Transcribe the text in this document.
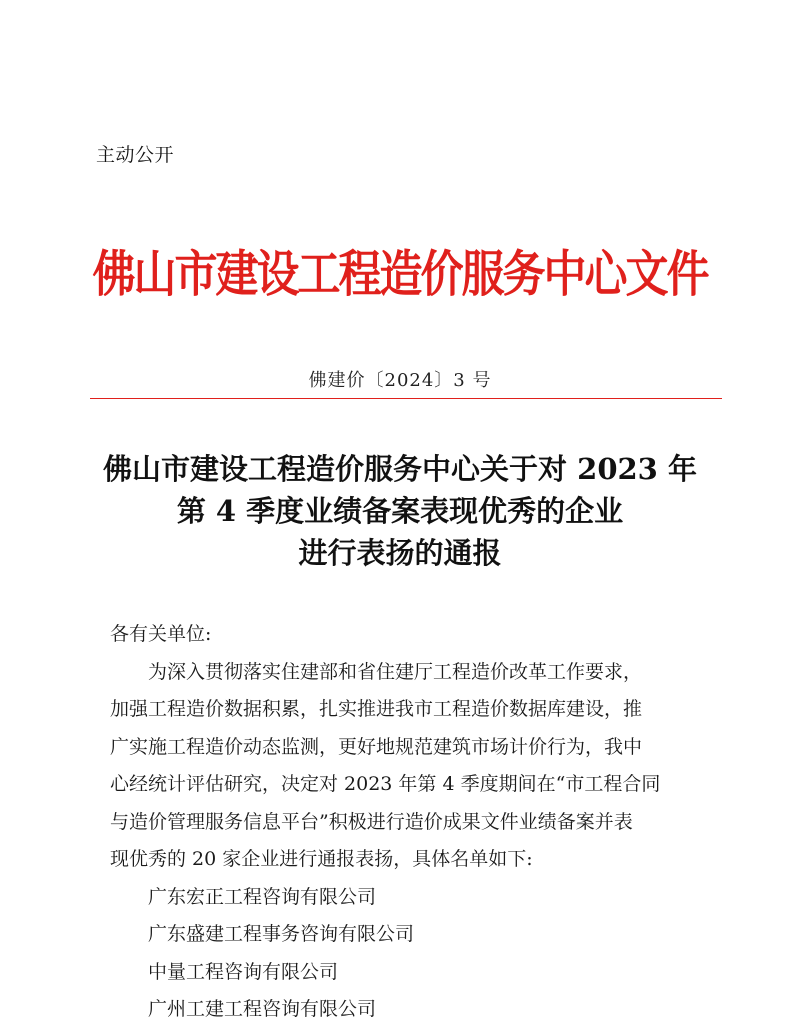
主动公开
佛山市建设工程造价服务中心文件
佛建价〔2024〕3 号
佛山市建设工程造价服务中心关于对 2023 年
第 4 季度业绩备案表现优秀的企业
进行表扬的通报
各有关单位:
为深入贯彻落实住建部和省住建厅工程造价改革工作要求，
加强工程造价数据积累，扎实推进我市工程造价数据库建设，推
广实施工程造价动态监测，更好地规范建筑市场计价行为，我中
心经统计评估研究，决定对 2023 年第 4 季度期间在“市工程合同
与造价管理服务信息平台”积极进行造价成果文件业绩备案并表
现优秀的 20 家企业进行通报表扬，具体名单如下:
广东宏正工程咨询有限公司
广东盛建工程事务咨询有限公司
中量工程咨询有限公司
广州工建工程咨询有限公司
